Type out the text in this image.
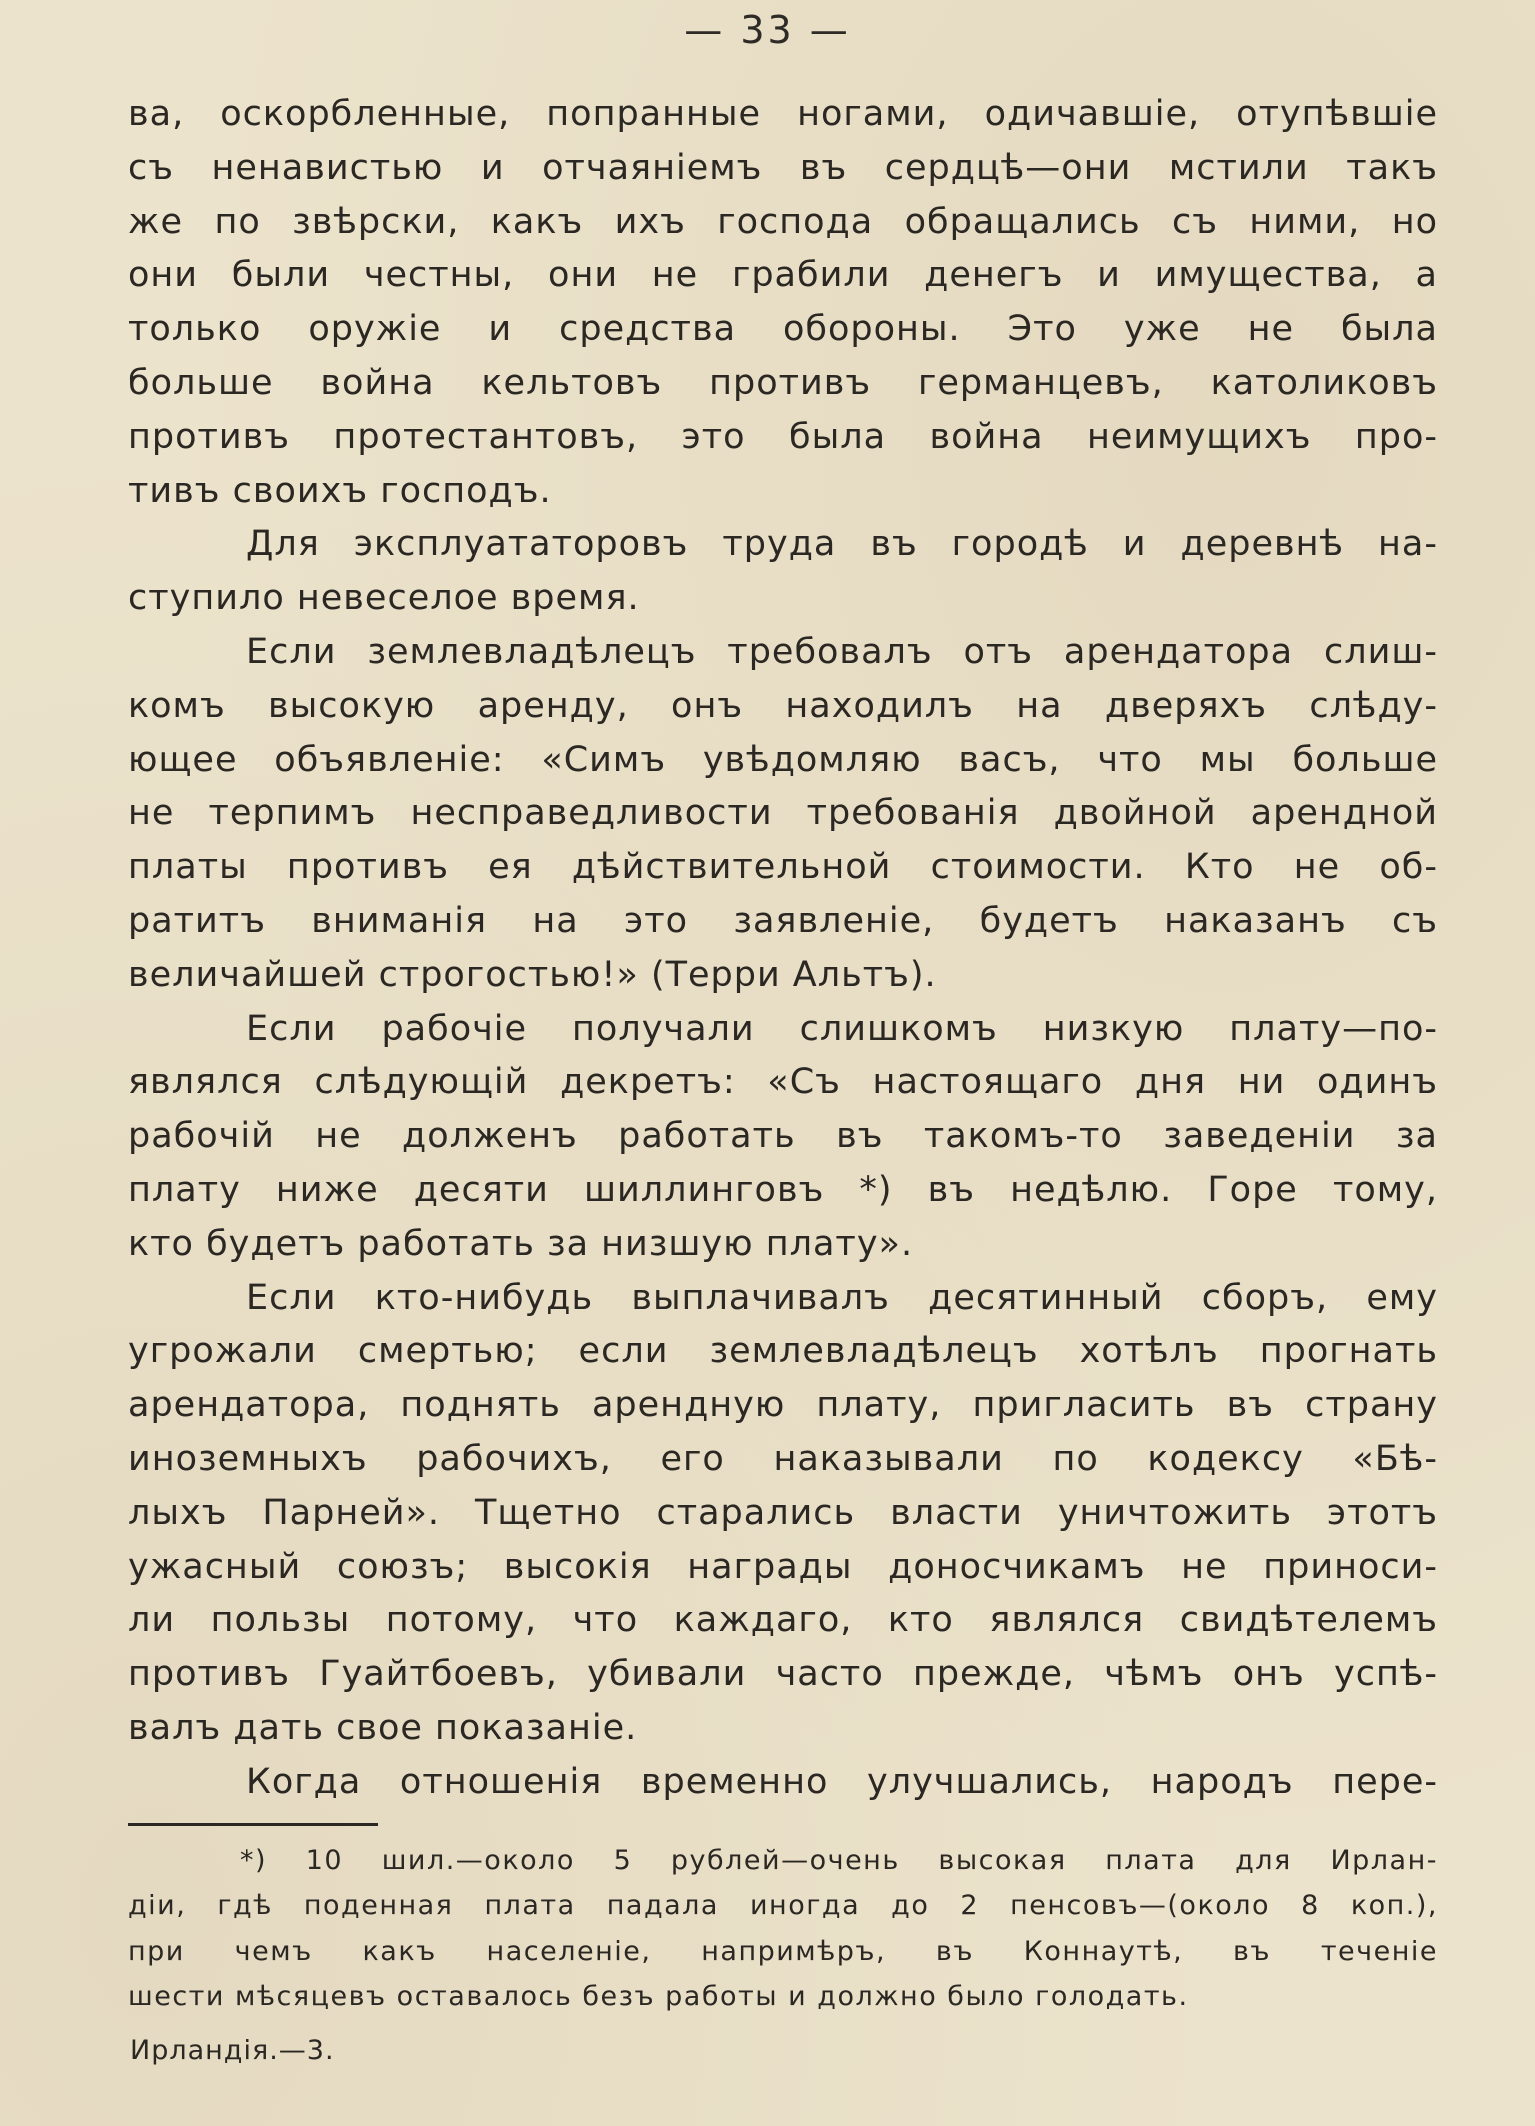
— 33 —
ва, оскорбленные, попранные ногами, одичавшіе, отупѣвшіе
съ ненавистью и отчаяніемъ въ сердцѣ—они мстили такъ
же по звѣрски, какъ ихъ господа обращались съ ними, но
они были честны, они не грабили денегъ и имущества, а
только оружіе и средства обороны. Это уже не была
больше война кельтовъ противъ германцевъ, католиковъ
противъ протестантовъ, это была война неимущихъ про-
тивъ своихъ господъ.
Для эксплуататоровъ труда въ городѣ и деревнѣ на-
ступило невеселое время.
Если землевладѣлецъ требовалъ отъ арендатора слиш-
комъ высокую аренду, онъ находилъ на дверяхъ слѣду-
ющее объявленіе: «Симъ увѣдомляю васъ, что мы больше
не терпимъ несправедливости требованія двойной арендной
платы противъ ея дѣйствительной стоимости. Кто не об-
ратитъ вниманія на это заявленіе, будетъ наказанъ съ
величайшей строгостью!» (Терри Альтъ).
Если рабочіе получали слишкомъ низкую плату—по-
являлся слѣдующій декретъ: «Съ настоящаго дня ни одинъ
рабочій не долженъ работать въ такомъ-то заведеніи за
плату ниже десяти шиллинговъ *) въ недѣлю. Горе тому,
кто будетъ работать за низшую плату».
Если кто-нибудь выплачивалъ десятинный сборъ, ему
угрожали смертью; если землевладѣлецъ хотѣлъ прогнать
арендатора, поднять арендную плату, пригласить въ страну
иноземныхъ рабочихъ, его наказывали по кодексу «Бѣ-
лыхъ Парней». Тщетно старались власти уничтожить этотъ
ужасный союзъ; высокія награды доносчикамъ не приноси-
ли пользы потому, что каждаго, кто являлся свидѣтелемъ
противъ Гуайтбоевъ, убивали часто прежде, чѣмъ онъ успѣ-
валъ дать свое показаніе.
Когда отношенія временно улучшались, народъ пере-
*) 10 шил.—около 5 рублей—очень высокая плата для Ирлан-
діи, гдѣ поденная плата падала иногда до 2 пенсовъ—(около 8 коп.),
при чемъ какъ населеніе, напримѣръ, въ Коннаутѣ, въ теченіе
шести мѣсяцевъ оставалось безъ работы и должно было голодать.
Ирландія.—3.
